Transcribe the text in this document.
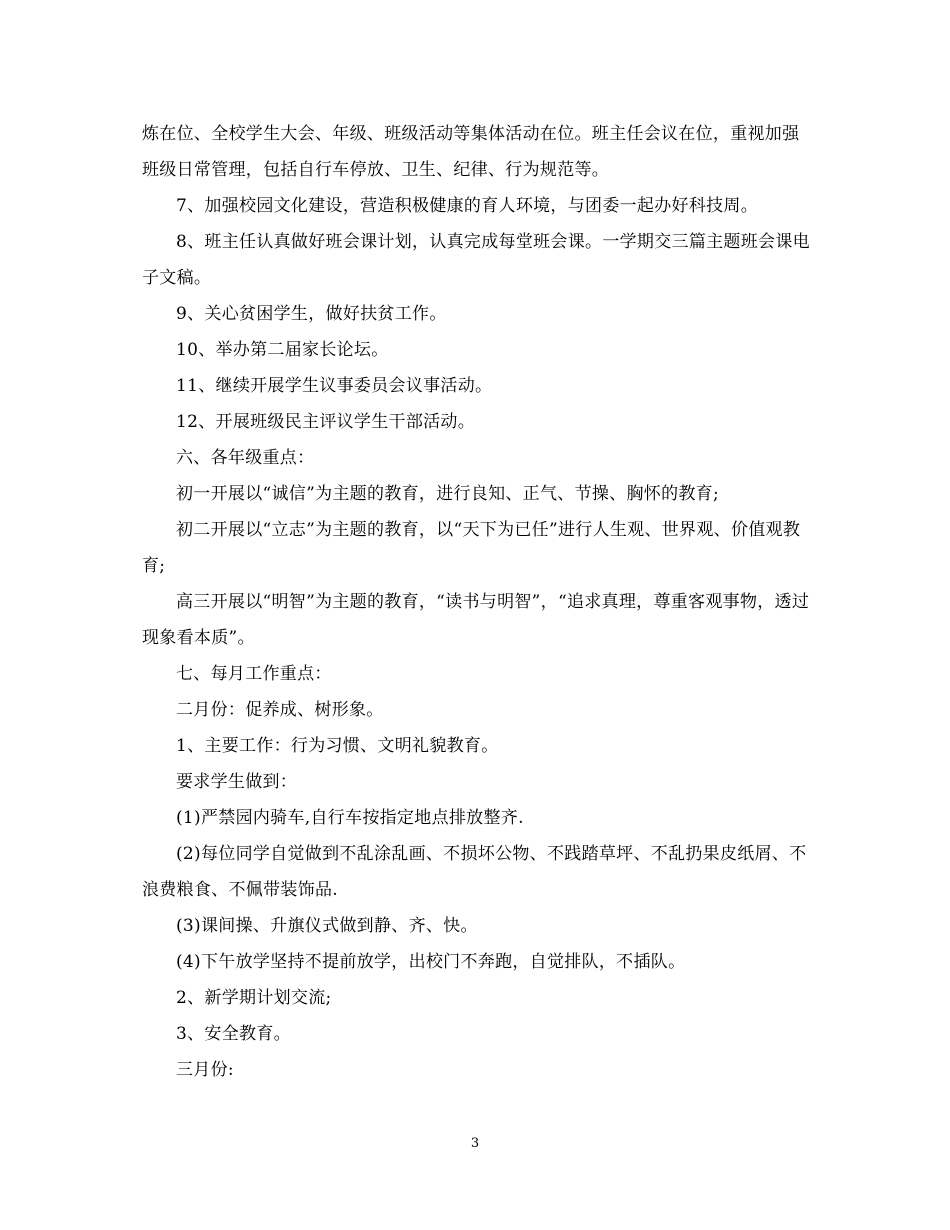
炼在位、全校学生大会、年级、班级活动等集体活动在位。班主任会议在位，重视加强班级日常管理，包括自行车停放、卫生、纪律、行为规范等。

7、加强校园文化建设，营造积极健康的育人环境，与团委一起办好科技周。

8、班主任认真做好班会课计划，认真完成每堂班会课。一学期交三篇主题班会课电子文稿。

9、关心贫困学生，做好扶贫工作。

10、举办第二届家长论坛。

11、继续开展学生议事委员会议事活动。

12、开展班级民主评议学生干部活动。

六、各年级重点：

初一开展以“诚信”为主题的教育，进行良知、正气、节操、胸怀的教育;

初二开展以“立志”为主题的教育，以“天下为已任”进行人生观、世界观、价值观教育;

高三开展以“明智”为主题的教育，“读书与明智”，“追求真理，尊重客观事物，透过现象看本质”。

七、每月工作重点：

二月份：促养成、树形象。

1、主要工作：行为习惯、文明礼貌教育。

要求学生做到：

(1)严禁园内骑车,自行车按指定地点排放整齐.

(2)每位同学自觉做到不乱涂乱画、不损坏公物、不践踏草坪、不乱扔果皮纸屑、不浪费粮食、不佩带装饰品.

(3)课间操、升旗仪式做到静、齐、快。

(4)下午放学坚持不提前放学，出校门不奔跑，自觉排队，不插队。

2、新学期计划交流;

3、安全教育。

三月份:

3
